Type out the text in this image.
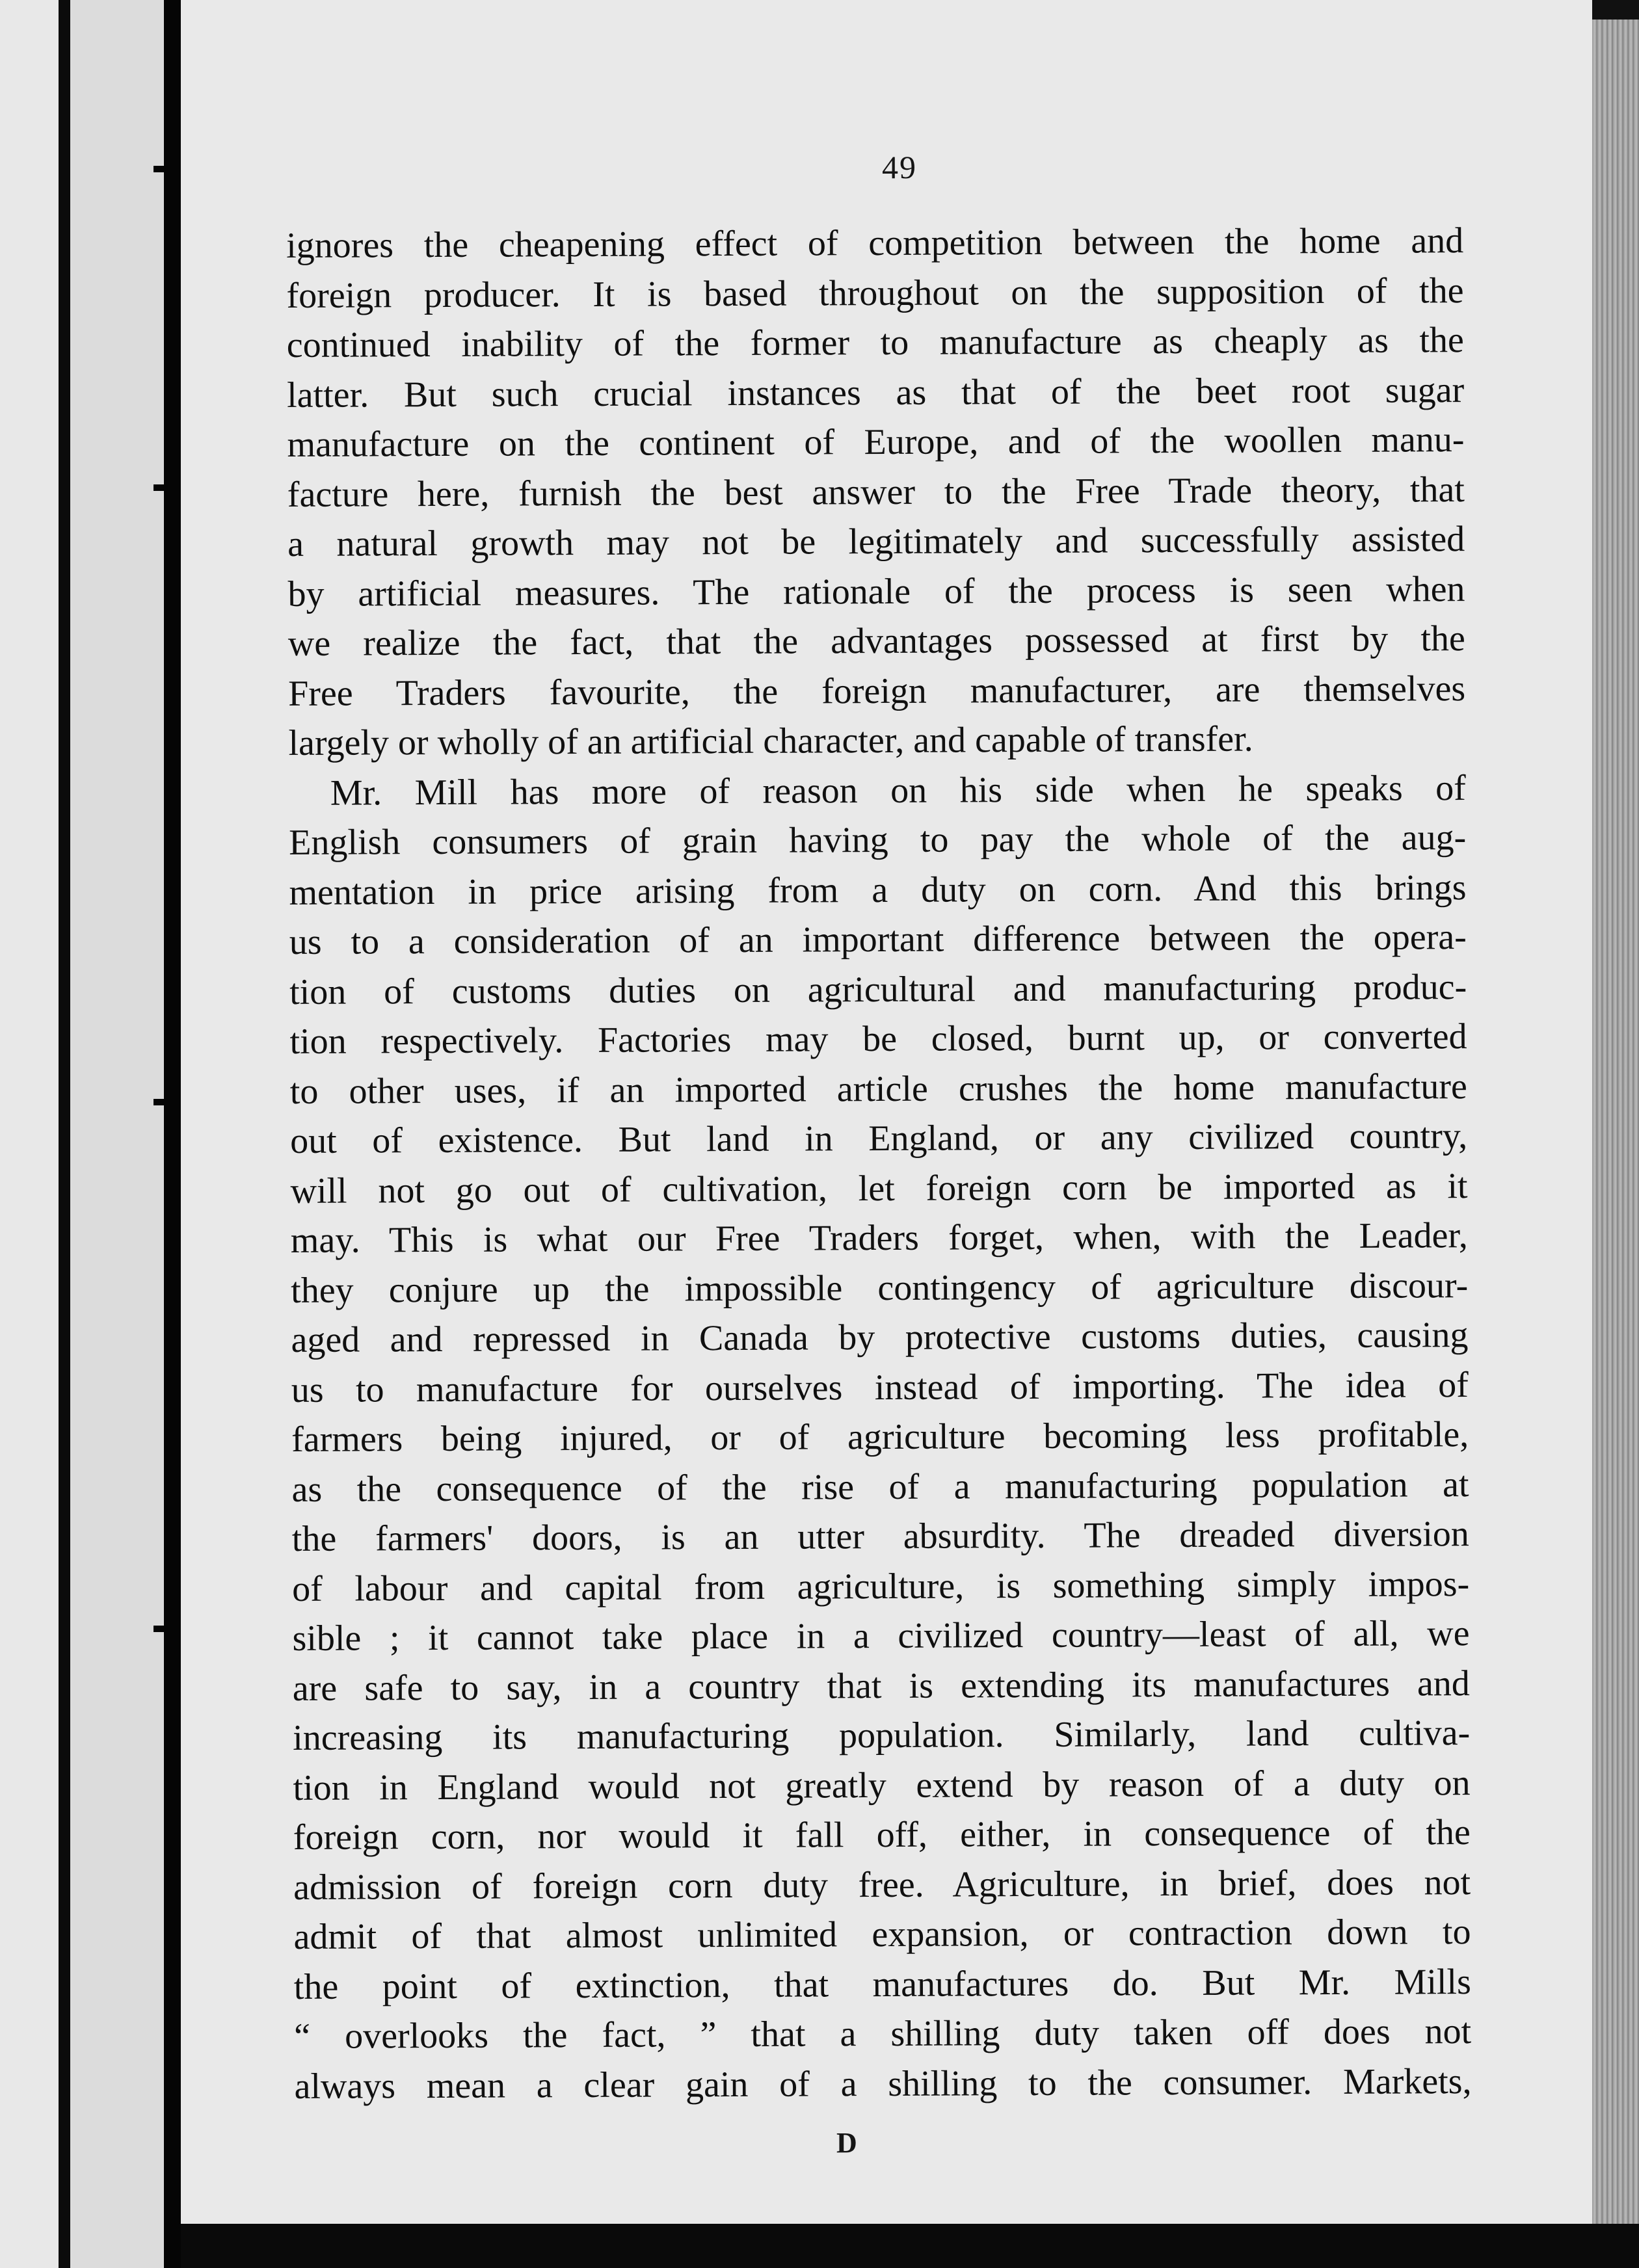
49
ignores the cheapening effect of competition between the home and
foreign producer. It is based throughout on the supposition of the
continued inability of the former to manufacture as cheaply as the
latter. But such crucial instances as that of the beet root sugar
manufacture on the continent of Europe, and of the woollen manu-
facture here, furnish the best answer to the Free Trade theory, that
a natural growth may not be legitimately and successfully assisted
by artificial measures. The rationale of the process is seen when
we realize the fact, that the advantages possessed at first by the
Free Traders favourite, the foreign manufacturer, are themselves
largely or wholly of an artificial character, and capable of transfer.
Mr. Mill has more of reason on his side when he speaks of
English consumers of grain having to pay the whole of the aug-
mentation in price arising from a duty on corn. And this brings
us to a consideration of an important difference between the opera-
tion of customs duties on agricultural and manufacturing produc-
tion respectively. Factories may be closed, burnt up, or converted
to other uses, if an imported article crushes the home manufacture
out of existence. But land in England, or any civilized country,
will not go out of cultivation, let foreign corn be imported as it
may. This is what our Free Traders forget, when, with the Leader,
they conjure up the impossible contingency of agriculture discour-
aged and repressed in Canada by protective customs duties, causing
us to manufacture for ourselves instead of importing. The idea of
farmers being injured, or of agriculture becoming less profitable,
as the consequence of the rise of a manufacturing population at
the farmers' doors, is an utter absurdity. The dreaded diversion
of labour and capital from agriculture, is something simply impos-
sible ; it cannot take place in a civilized country—least of all, we
are safe to say, in a country that is extending its manufactures and
increasing its manufacturing population. Similarly, land cultiva-
tion in England would not greatly extend by reason of a duty on
foreign corn, nor would it fall off, either, in consequence of the
admission of foreign corn duty free. Agriculture, in brief, does not
admit of that almost unlimited expansion, or contraction down to
the point of extinction, that manufactures do. But Mr. Mills
“ overlooks the fact, ” that a shilling duty taken off does not
always mean a clear gain of a shilling to the consumer. Markets,
D
